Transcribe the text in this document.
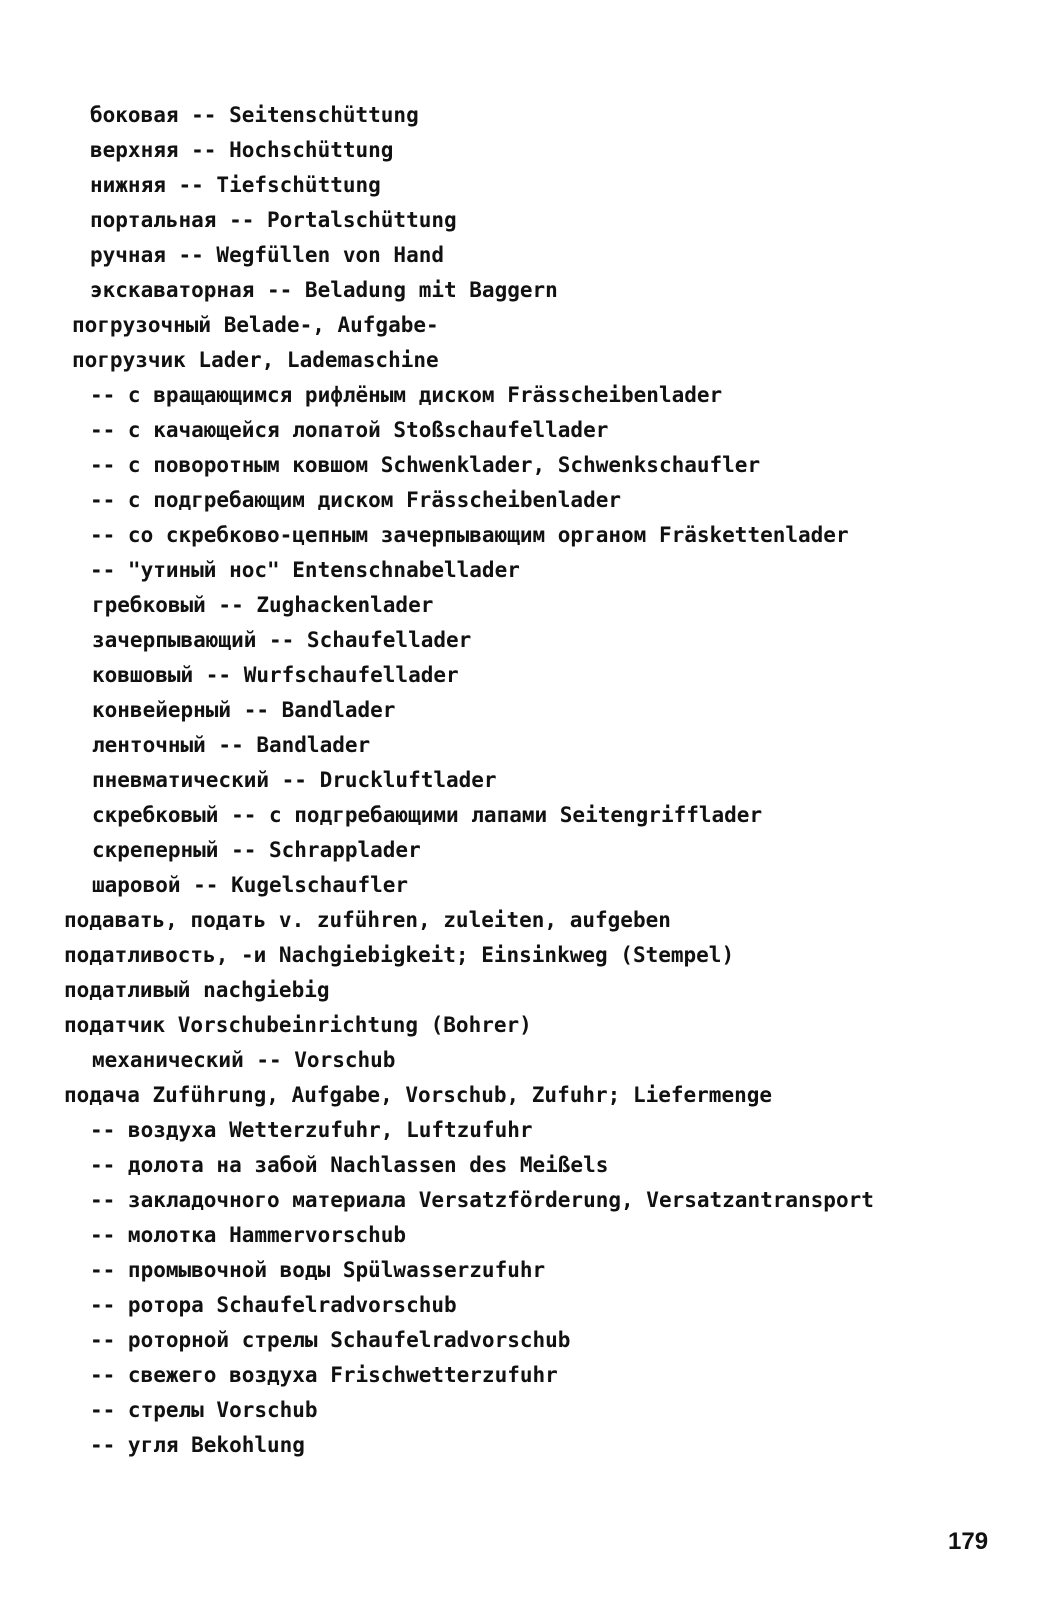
боковая -- Seitenschüttung
верхняя -- Hochschüttung
нижняя -- Tiefschüttung
портальная -- Portalschüttung
ручная -- Wegfüllen von Hand
экскаваторная -- Beladung mit Baggern
погрузочный Belade-, Aufgabe-
погрузчик Lader, Lademaschine
-- с вращающимся рифлёным диском Frässcheibenlader
-- с качающейся лопатой Stoßschaufellader
-- с поворотным ковшом Schwenklader, Schwenkschaufler
-- с подгребающим диском Frässcheibenlader
-- со скребково-цепным зачерпывающим органом Fräskettenlader
-- "утиный нос" Entenschnabellader
гребковый -- Zughackenlader
зачерпывающий -- Schaufellader
ковшовый -- Wurfschaufellader
конвейерный -- Bandlader
ленточный -- Bandlader
пневматический -- Druckluftlader
скребковый -- с подгребающими лапами Seitengrifflader
скреперный -- Schrapplader
шаровой -- Kugelschaufler
подавать, подать v. zuführen, zuleiten, aufgeben
податливость, -и Nachgiebigkeit; Einsinkweg (Stempel)
податливый nachgiebig
податчик Vorschubeinrichtung (Bohrer)
механический -- Vorschub
подача Zuführung, Aufgabe, Vorschub, Zufuhr; Liefermenge
-- воздуха Wetterzufuhr, Luftzufuhr
-- долота на забой Nachlassen des Meißels
-- закладочного материала Versatzförderung, Versatzantransport
-- молотка Hammervorschub
-- промывочной воды Spülwasserzufuhr
-- ротора Schaufelradvorschub
-- роторной стрелы Schaufelradvorschub
-- свежего воздуха Frischwetterzufuhr
-- стрелы Vorschub
-- угля Bekohlung
179
